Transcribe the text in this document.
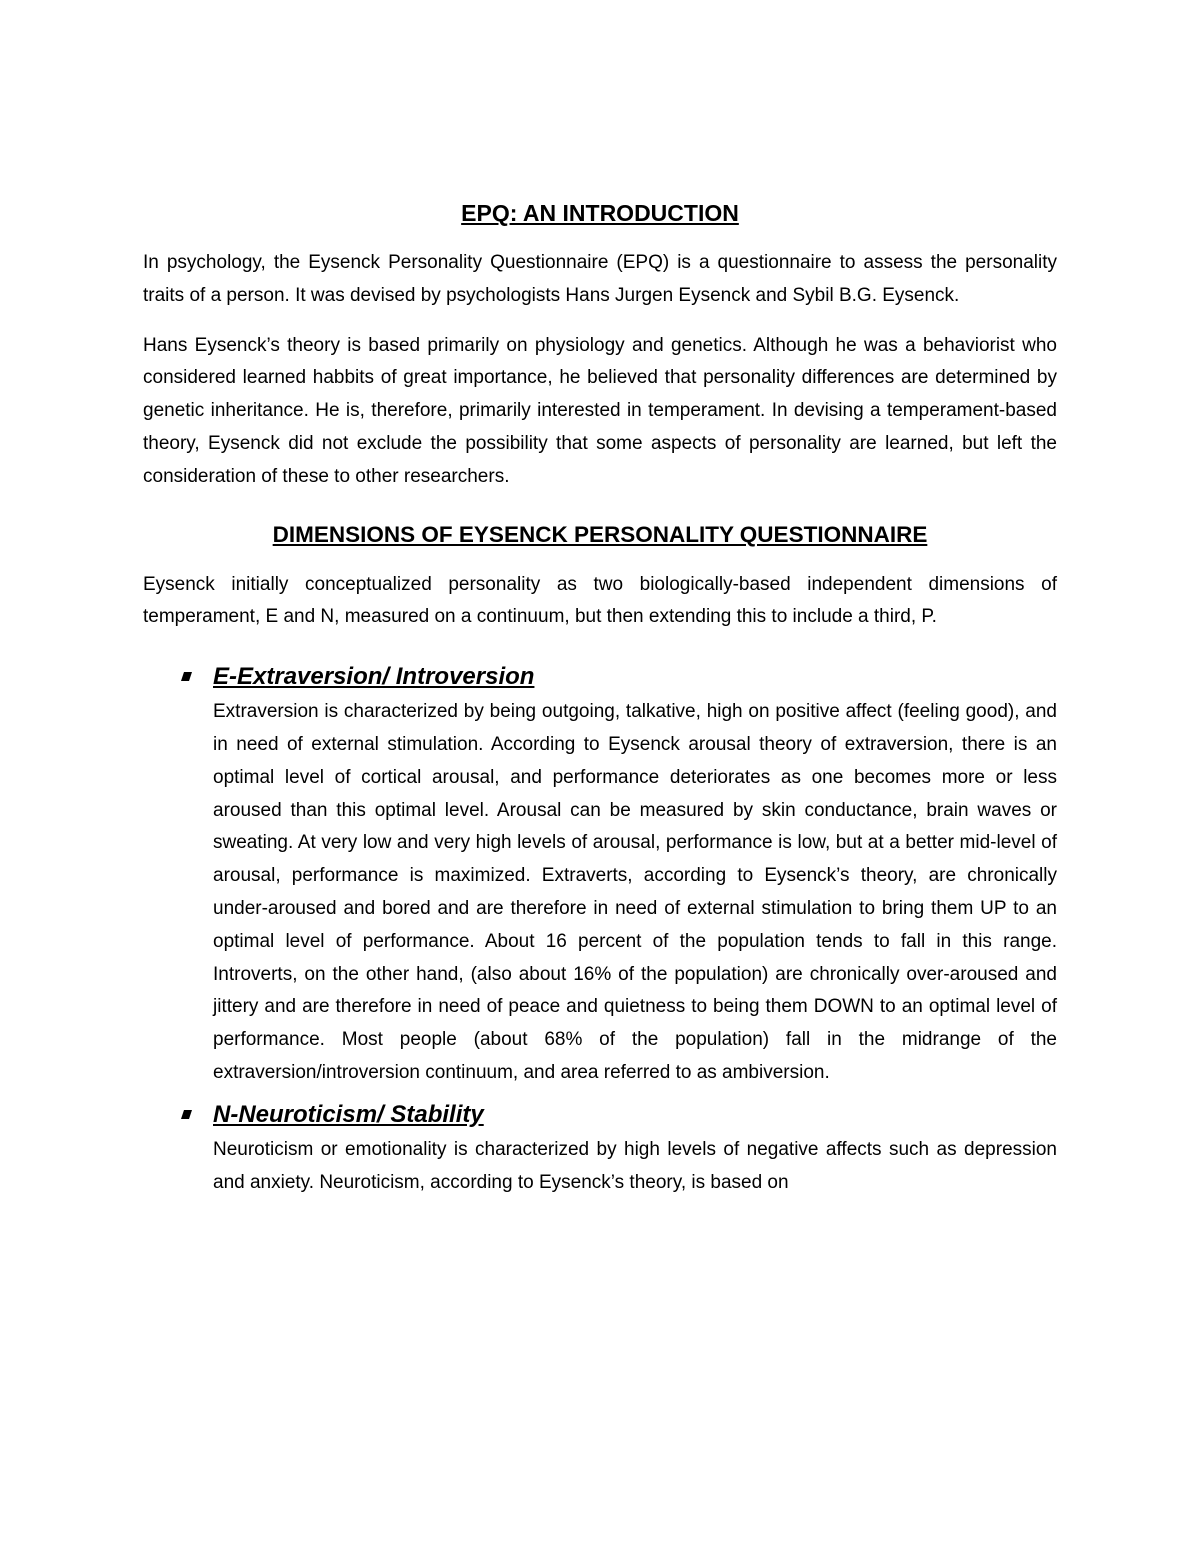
EPQ: AN INTRODUCTION

In psychology, the Eysenck Personality Questionnaire (EPQ) is a questionnaire to assess the personality traits of a person. It was devised by psychologists Hans Jurgen Eysenck and Sybil B.G. Eysenck.

Hans Eysenck’s theory is based primarily on physiology and genetics. Although he was a behaviorist who considered learned habbits of great importance, he believed that personality differences are determined by genetic inheritance. He is, therefore, primarily interested in temperament. In devising a temperament-based theory, Eysenck did not exclude the possibility that some aspects of personality are learned, but left the consideration of these to other researchers.

DIMENSIONS OF EYSENCK PERSONALITY QUESTIONNAIRE

Eysenck initially conceptualized personality as two biologically-based independent dimensions of temperament, E and N, measured on a continuum, but then extending this to include a third, P.

E-Extraversion/ Introversion

Extraversion is characterized by being outgoing, talkative, high on positive affect (feeling good), and in need of external stimulation. According to Eysenck arousal theory of extraversion, there is an optimal level of cortical arousal, and performance deteriorates as one becomes more or less aroused than this optimal level. Arousal can be measured by skin conductance, brain waves or sweating. At very low and very high levels of arousal, performance is low, but at a better mid-level of arousal, performance is maximized. Extraverts, according to Eysenck’s theory, are chronically under-aroused and bored and are therefore in need of external stimulation to bring them UP to an optimal level of performance. About 16 percent of the population tends to fall in this range. Introverts, on the other hand, (also about 16% of the population) are chronically over-aroused and jittery and are therefore in need of peace and quietness to being them DOWN to an optimal level of performance. Most people (about 68% of the population) fall in the midrange of the extraversion/introversion continuum, and area referred to as ambiversion.

N-Neuroticism/ Stability

Neuroticism or emotionality is characterized by high levels of negative affects such as depression and anxiety. Neuroticism, according to Eysenck’s theory, is based on
